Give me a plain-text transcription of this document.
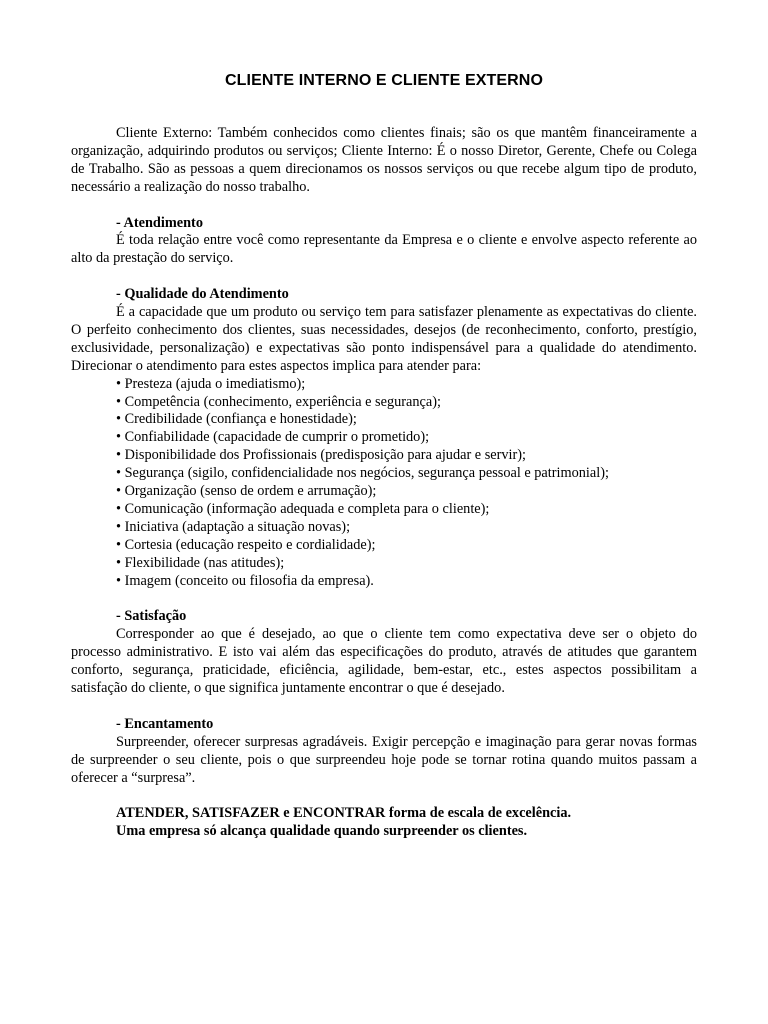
CLIENTE INTERNO E CLIENTE EXTERNO

Cliente Externo: Também conhecidos como clientes finais; são os que mantêm financeiramente a organização, adquirindo produtos ou serviços; Cliente Interno: É o nosso Diretor, Gerente, Chefe ou Colega de Trabalho. São as pessoas a quem direcionamos os nossos serviços ou que recebe algum tipo de produto, necessário a realização do nosso trabalho.

- Atendimento

É toda relação entre você como representante da Empresa e o cliente e envolve aspecto referente ao alto da prestação do serviço.

- Qualidade do Atendimento

É a capacidade que um produto ou serviço tem para satisfazer plenamente as expectativas do cliente. O perfeito conhecimento dos clientes, suas necessidades, desejos (de reconhecimento, conforto, prestígio, exclusividade, personalização) e expectativas são ponto indispensável para a qualidade do atendimento. Direcionar o atendimento para estes aspectos implica para atender para:

• Presteza (ajuda o imediatismo);
• Competência (conhecimento, experiência e segurança);
• Credibilidade (confiança e honestidade);
• Confiabilidade (capacidade de cumprir o prometido);
• Disponibilidade dos Profissionais (predisposição para ajudar e servir);
• Segurança (sigilo, confidencialidade nos negócios, segurança pessoal e patrimonial);
• Organização (senso de ordem e arrumação);
• Comunicação (informação adequada e completa para o cliente);
• Iniciativa (adaptação a situação novas);
• Cortesia (educação respeito e cordialidade);
• Flexibilidade (nas atitudes);
• Imagem (conceito ou filosofia da empresa).
- Satisfação

Corresponder ao que é desejado, ao que o cliente tem como expectativa deve ser o objeto do processo administrativo. E isto vai além das especificações do produto, através de atitudes que garantem conforto, segurança, praticidade, eficiência, agilidade, bem-estar, etc., estes aspectos possibilitam a satisfação do cliente, o que significa juntamente encontrar o que é desejado.

- Encantamento

Surpreender, oferecer surpresas agradáveis. Exigir percepção e imaginação para gerar novas formas de surpreender o seu cliente, pois o que surpreendeu hoje pode se tornar rotina quando muitos passam a oferecer a “surpresa”.

ATENDER, SATISFAZER e ENCONTRAR forma de escala de excelência.
Uma empresa só alcança qualidade quando surpreender os clientes.
